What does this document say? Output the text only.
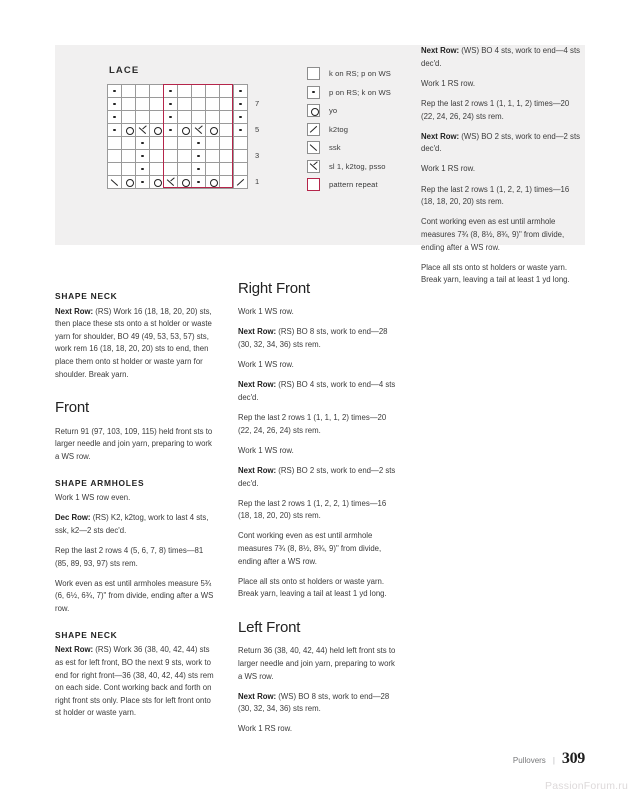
LACE

7
5
3
1
k on RS; p on WS
p on RS; k on WS
yo
k2tog
ssk
sl 1, k2tog, psso
pattern repeat
SHAPE NECK

Next Row: (RS) Work 16 (18, 18, 20, 20) sts, then place these sts onto a st holder or waste yarn for shoulder, BO 49 (49, 53, 53, 57) sts, work rem 16 (18, 18, 20, 20) sts to end, then place them onto st holder or waste yarn for shoulder. Break yarn.

Front

Return 91 (97, 103, 109, 115) held front sts to larger needle and join yarn, preparing to work a WS row.

SHAPE ARMHOLES

Work 1 WS row even.

Dec Row: (RS) K2, k2tog, work to last 4 sts, ssk, k2—2 sts dec'd.

Rep the last 2 rows 4 (5, 6, 7, 8) times—81 (85, 89, 93, 97) sts rem.

Work even as est until armholes measure 5¾ (6, 6½, 6¾, 7)" from divide, ending after a WS row.

SHAPE NECK

Next Row: (RS) Work 36 (38, 40, 42, 44) sts as est for left front, BO the next 9 sts, work to end for right front—36 (38, 40, 42, 44) sts rem on each side. Cont working back and forth on right front sts only. Place sts for left front onto st holder or waste yarn.

Right Front

Work 1 WS row.

Next Row: (RS) BO 8 sts, work to end—28 (30, 32, 34, 36) sts rem.

Work 1 WS row.

Next Row: (RS) BO 4 sts, work to end—4 sts dec'd.

Rep the last 2 rows 1 (1, 1, 1, 2) times—20 (22, 24, 26, 24) sts rem.

Work 1 WS row.

Next Row: (RS) BO 2 sts, work to end—2 sts dec'd.

Rep the last 2 rows 1 (1, 2, 2, 1) times—16 (18, 18, 20, 20) sts rem.

Cont working even as est until armhole measures 7¾ (8, 8½, 8¾, 9)" from divide, ending after a WS row.

Place all sts onto st holders or waste yarn. Break yarn, leaving a tail at least 1 yd long.

Left Front

Return 36 (38, 40, 42, 44) held left front sts to larger needle and join yarn, preparing to work a WS row.

Next Row: (WS) BO 8 sts, work to end—28 (30, 32, 34, 36) sts rem.

Work 1 RS row.

Next Row: (WS) BO 4 sts, work to end—4 sts dec'd.

Work 1 RS row.

Rep the last 2 rows 1 (1, 1, 1, 2) times—20 (22, 24, 26, 24) sts rem.

Next Row: (WS) BO 2 sts, work to end—2 sts dec'd.

Work 1 RS row.

Rep the last 2 rows 1 (1, 2, 2, 1) times—16 (18, 18, 20, 20) sts rem.

Cont working even as est until armhole measures 7¾ (8, 8½, 8¾, 9)" from divide, ending after a WS row.

Place all sts onto st holders or waste yarn. Break yarn, leaving a tail at least 1 yd long.

Pullovers | 309
PassionForum.ru
